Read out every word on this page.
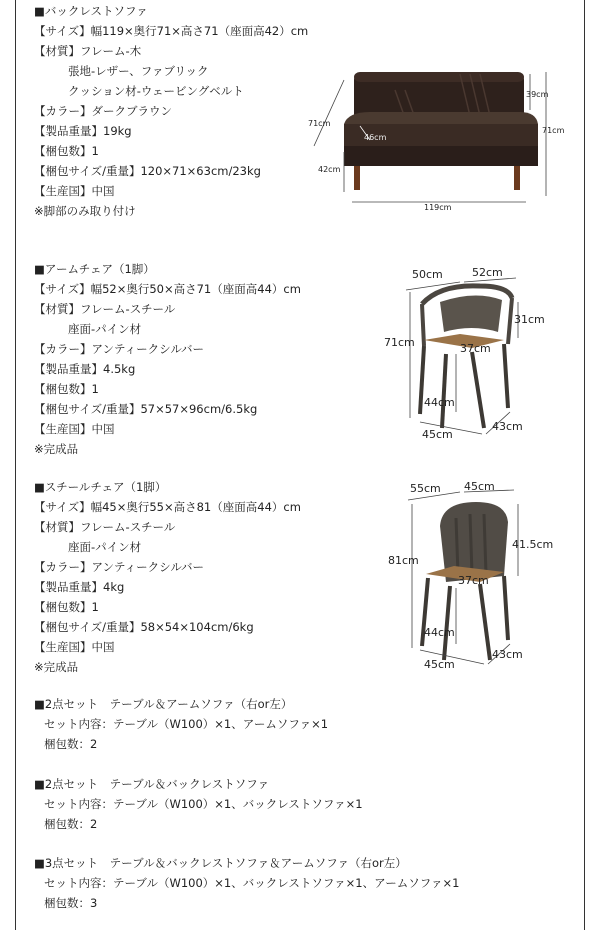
■バックレストソファ
【サイズ】幅119×奥行71×高さ71（座面高42）cm
【材質】フレーム-木
張地-レザー、ファブリック
クッション材-ウェービングベルト
【カラー】ダークブラウン
【製品重量】19kg
【梱包数】1
【梱包サイズ/重量】120×71×63cm/23kg
【生産国】中国
※脚部のみ取り付け
39cm
71cm
71cm
46cm
42cm
119cm
■アームチェア（1脚）
【サイズ】幅52×奥行50×高さ71（座面高44）cm
【材質】フレーム-スチール
座面-パイン材
【カラー】アンティークシルバー
【製品重量】4.5kg
【梱包数】1
【梱包サイズ/重量】57×57×96cm/6.5kg
【生産国】中国
※完成品
50cm	52cm
31cm
71cm	37cm
44cm
45cm
43cm
■スチールチェア（1脚）
【サイズ】幅45×奥行55×高さ81（座面高44）cm
【材質】フレーム-スチール
座面-パイン材
【カラー】アンティークシルバー
【製品重量】4kg
【梱包数】1
【梱包サイズ/重量】58×54×104cm/6kg
【生産国】中国
※完成品
55cm 45cm
41.5cm
81cm
37cm
44cm
45cm
43cm
■2点セット　テーブル＆アームソファ（右or左）
セット内容：テーブル（W100）×1、アームソファ×1
梱包数：2
■2点セット　テーブル＆バックレストソファ
セット内容：テーブル（W100）×1、バックレストソファ×1
梱包数：2
■3点セット　テーブル＆バックレストソファ＆アームソファ（右or左）
セット内容：テーブル（W100）×1、バックレストソファ×1、アームソファ×1
梱包数：3
